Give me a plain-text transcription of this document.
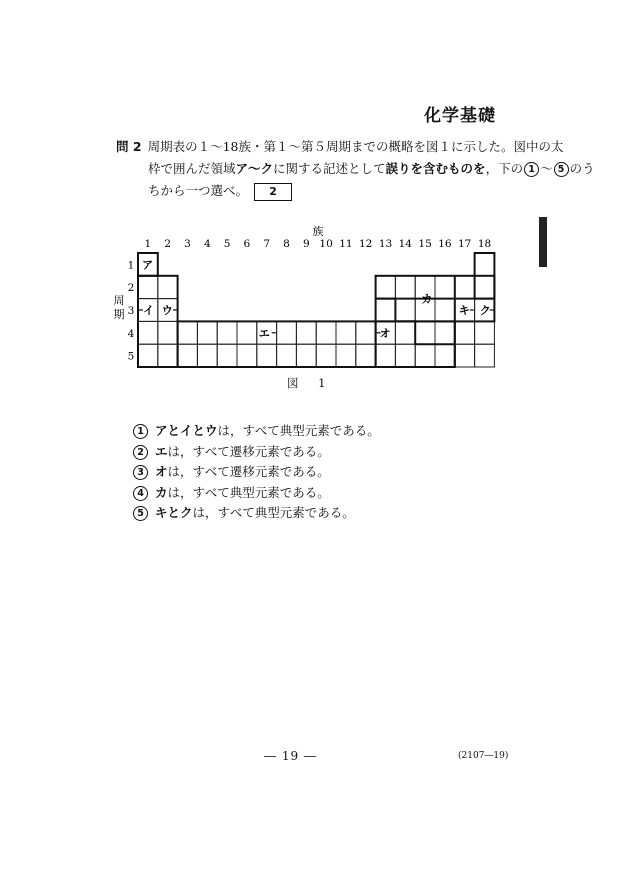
化学基礎
問 2 周期表の１～18族・第１～第５周期までの概略を図１に示した。図中の太
枠で囲んだ領域ア～クに関する記述として誤りを含むものを，下の 1 ～ 5 のう
ちから一つ選べ。 2
族
1 2 3 4 5 6 7 8 9 10 11 12 13 14 15 16 17 18
1
2
3
4
5
周
期
ア
イ ウ
エ	オ
カ
キ ク
図 1
1 アとイとウは，すべて典型元素である。
2 エは，すべて遷移元素である。
3 オは，すべて遷移元素である。
4 カは，すべて典型元素である。
5 キとクは，すべて典型元素である。
― 19 ―	(2107―19)
